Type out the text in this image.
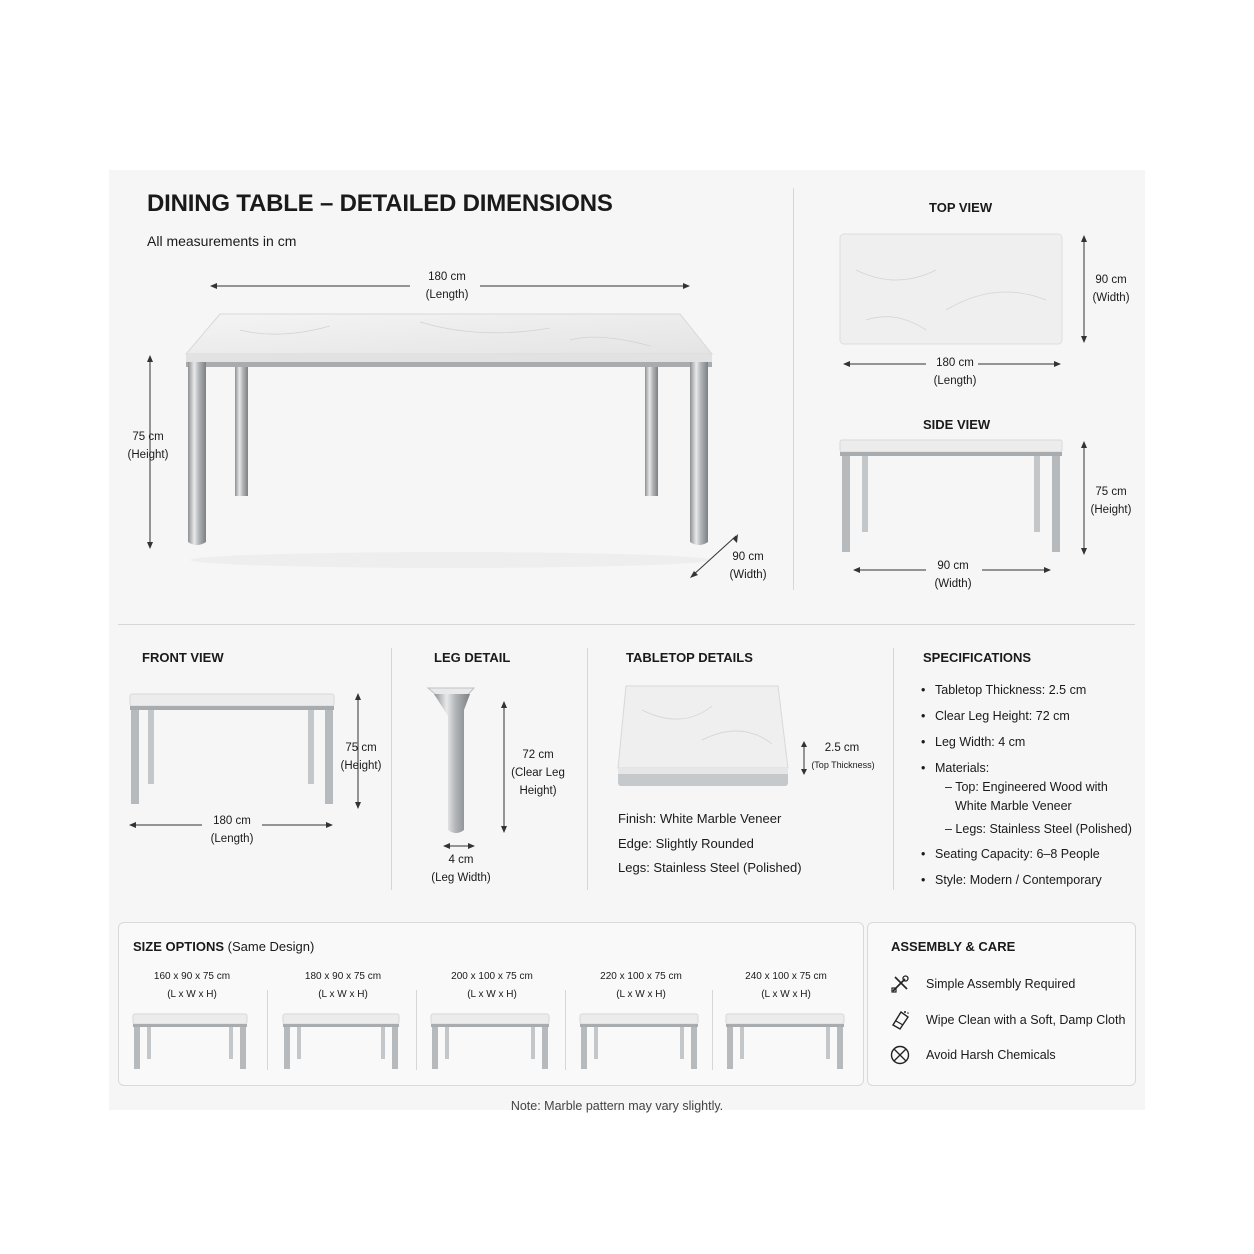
DINING TABLE – DETAILED DIMENSIONS
All measurements in cm
180 cm
(Length)
75 cm
(Height)
90 cm
(Width)
TOP VIEW
90 cm
(Width)
180 cm
(Length)
SIDE VIEW
75 cm
(Height)
90 cm
(Width)
FRONT VIEW
75 cm
(Height)
180 cm
(Length)
LEG DETAIL
72 cm
(Clear Leg
Height)
4 cm
(Leg Width)
TABLETOP DETAILS
2.5 cm
(Top Thickness)
Finish: White Marble Veneer
Edge: Slightly Rounded
Legs: Stainless Steel (Polished)
SPECIFICATIONS
• Tabletop Thickness: 2.5 cm
• Clear Leg Height: 72 cm
• Leg Width: 4 cm
• Materials:
– Top: Engineered Wood with
White Marble Veneer
– Legs: Stainless Steel (Polished)
• Seating Capacity: 6–8 People
• Style: Modern / Contemporary
SIZE OPTIONS (Same Design)
160 x 90 x 75 cm
(L x W x H)
180 x 90 x 75 cm
(L x W x H)
200 x 100 x 75 cm
(L x W x H)
220 x 100 x 75 cm
(L x W x H)
240 x 100 x 75 cm
(L x W x H)
ASSEMBLY & CARE
Simple Assembly Required
Wipe Clean with a Soft, Damp Cloth
Avoid Harsh Chemicals
Note: Marble pattern may vary slightly.
